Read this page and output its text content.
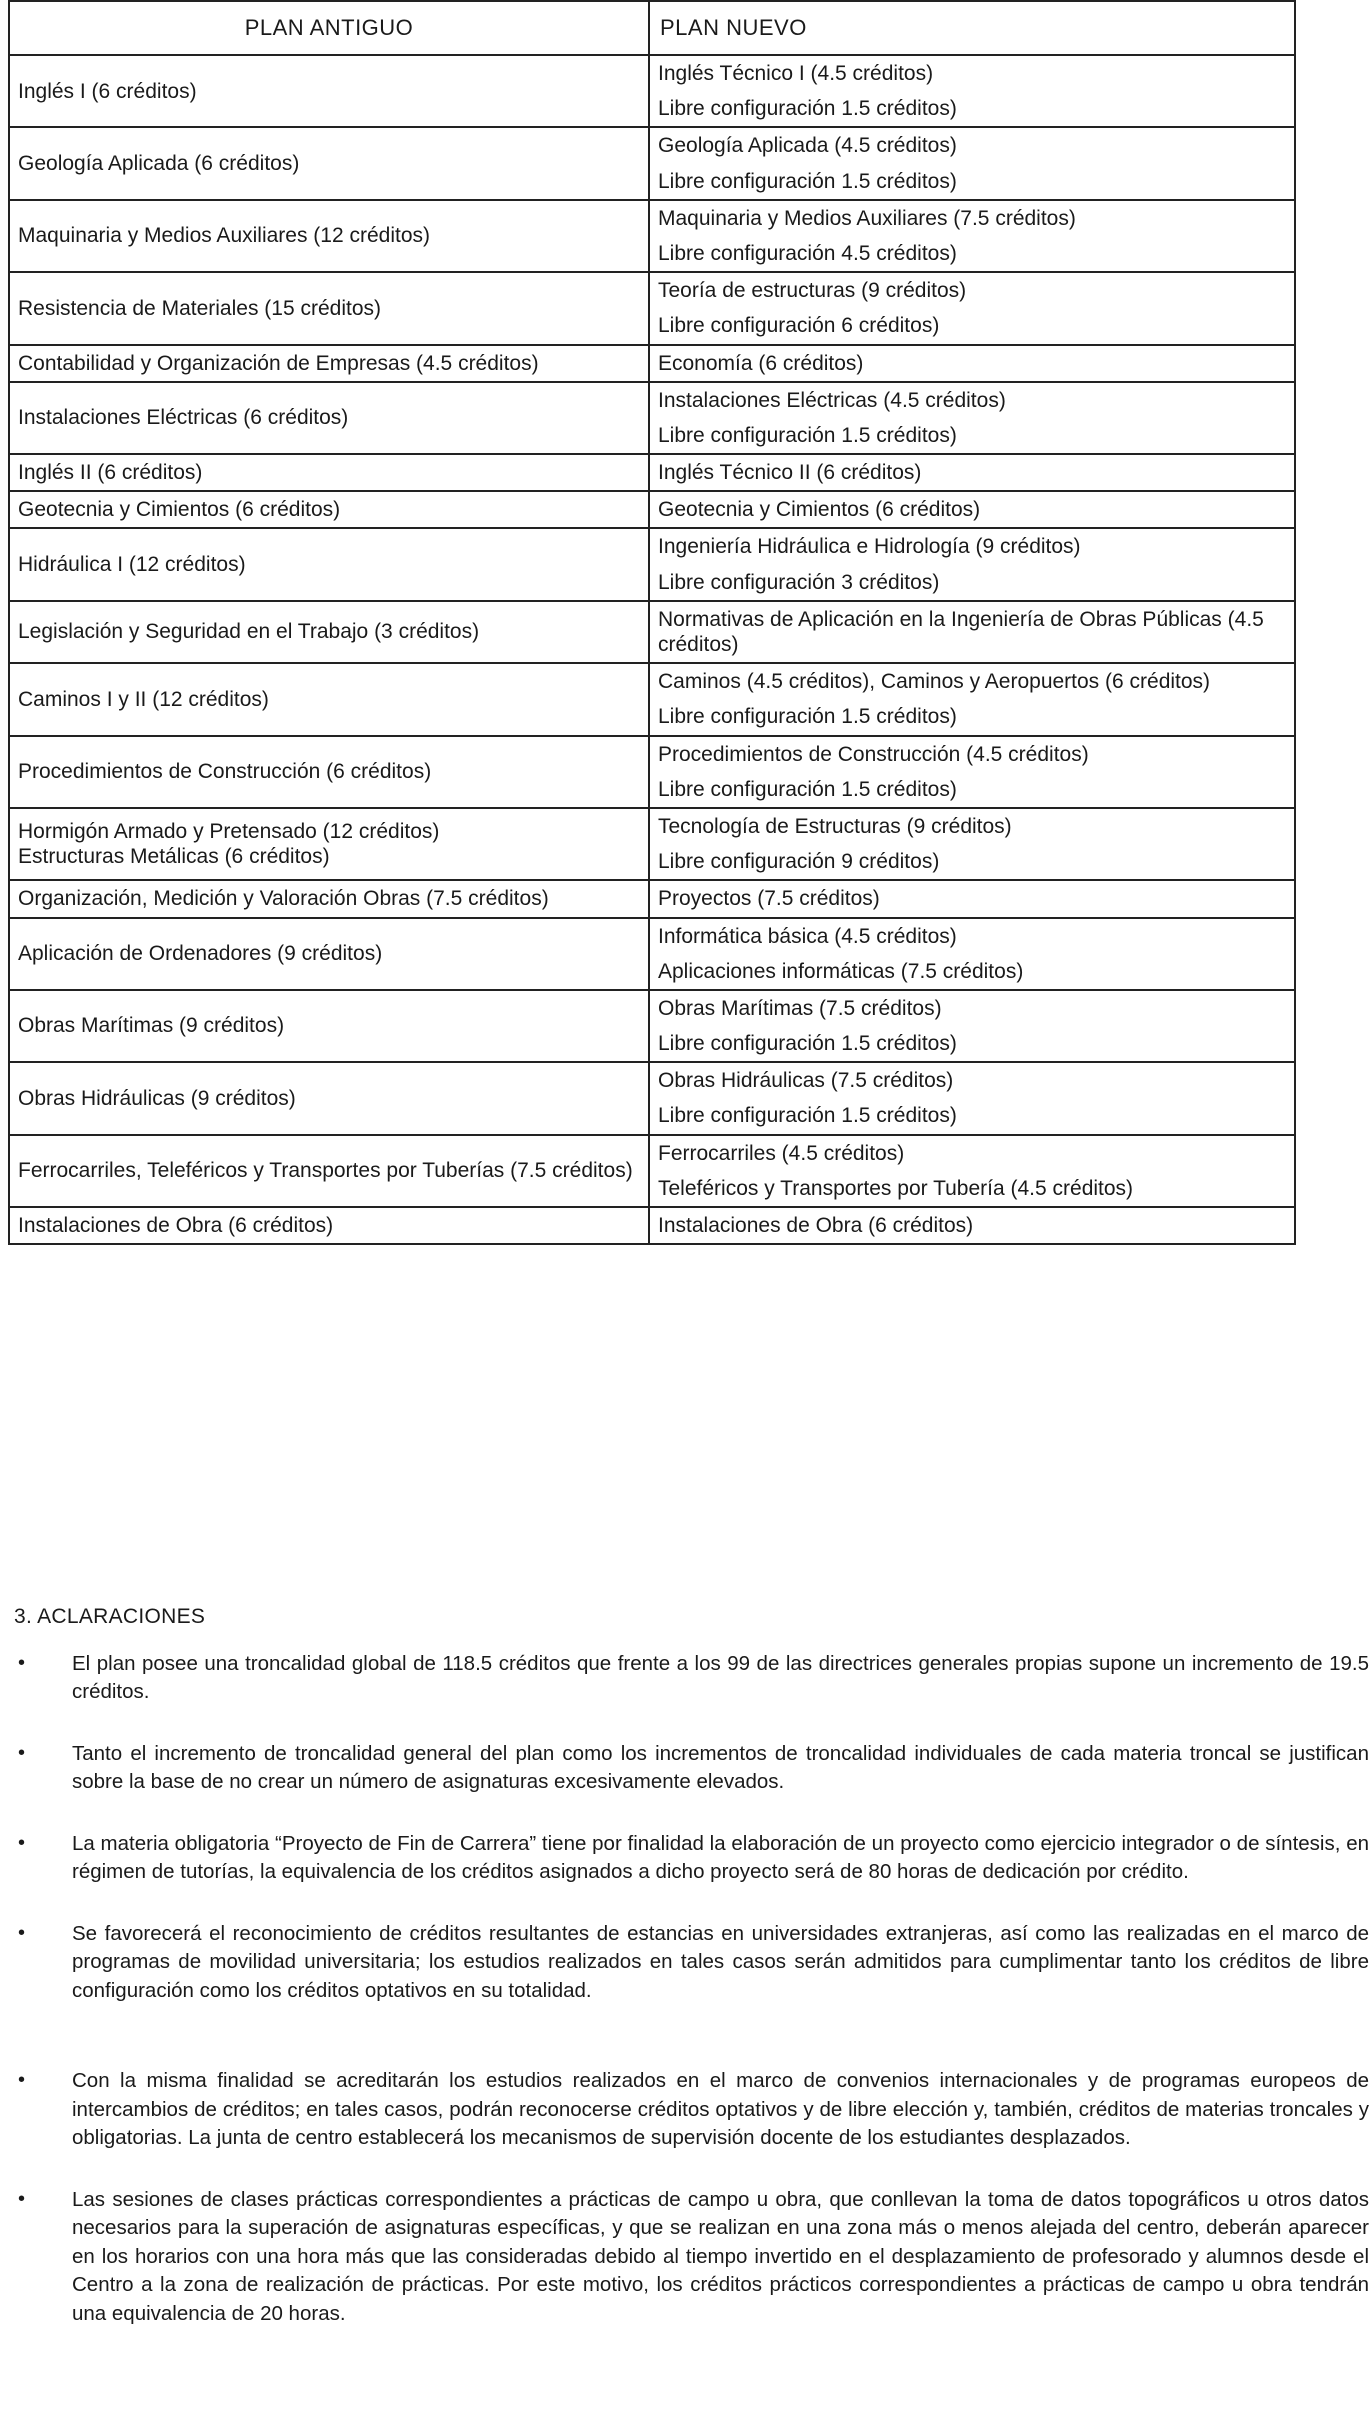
PLAN ANTIGUO	PLAN NUEVO

Inglés I (6 créditos)	Inglés Técnico I (4.5 créditos)
Libre configuración 1.5 créditos)

Geología Aplicada (6 créditos)	Geología Aplicada (4.5 créditos)
Libre configuración 1.5 créditos)

Maquinaria y Medios Auxiliares (12 créditos)	Maquinaria y Medios Auxiliares (7.5 créditos)
Libre configuración 4.5 créditos)

Resistencia de Materiales (15 créditos)	Teoría de estructuras (9 créditos)
Libre configuración 6 créditos)

Contabilidad y Organización de Empresas (4.5 créditos)	Economía (6 créditos)

Instalaciones Eléctricas (6 créditos)	Instalaciones Eléctricas (4.5 créditos)
Libre configuración 1.5 créditos)

Inglés II (6 créditos)	Inglés Técnico II (6 créditos)

Geotecnia y Cimientos (6 créditos)	Geotecnia y Cimientos (6 créditos)

Hidráulica I (12 créditos)	Ingeniería Hidráulica e Hidrología (9 créditos)
Libre configuración 3 créditos)

Legislación y Seguridad en el Trabajo (3 créditos)	Normativas de Aplicación en la Ingeniería de Obras Públicas (4.5 créditos)

Caminos I y II (12 créditos)	Caminos (4.5 créditos), Caminos y Aeropuertos (6 créditos)
Libre configuración 1.5 créditos)

Procedimientos de Construcción (6 créditos)	Procedimientos de Construcción (4.5 créditos)
Libre configuración 1.5 créditos)

Hormigón Armado y Pretensado (12 créditos)
Estructuras Metálicas (6 créditos)	Tecnología de Estructuras (9 créditos)
Libre configuración 9 créditos)

Organización, Medición y Valoración Obras (7.5 créditos)	Proyectos (7.5 créditos)

Aplicación de Ordenadores (9 créditos)	Informática básica (4.5 créditos)
Aplicaciones informáticas (7.5 créditos)

Obras Marítimas (9 créditos)	Obras Marítimas (7.5 créditos)
Libre configuración 1.5 créditos)

Obras Hidráulicas (9 créditos)	Obras Hidráulicas (7.5 créditos)
Libre configuración 1.5 créditos)

Ferrocarriles, Teleféricos y Transportes por Tuberías (7.5 créditos)	Ferrocarriles (4.5 créditos)
Teleféricos y Transportes por Tubería (4.5 créditos)

Instalaciones de Obra (6 créditos)	Instalaciones de Obra (6 créditos)
3. ACLARACIONES
• El plan posee una troncalidad global de 118.5 créditos que frente a los 99 de las directrices generales propias supone un incremento de 19.5 créditos.
• Tanto el incremento de troncalidad general del plan como los incrementos de troncalidad individuales de cada materia troncal se justifican sobre la base de no crear un número de asignaturas excesivamente elevados.
• La materia obligatoria “Proyecto de Fin de Carrera” tiene por finalidad la elaboración de un proyecto como ejercicio integrador o de síntesis, en régimen de tutorías, la equivalencia de los créditos asignados a dicho proyecto será de 80 horas de dedicación por crédito.
• Se favorecerá el reconocimiento de créditos resultantes de estancias en universidades extranjeras, así como las realizadas en el marco de programas de movilidad universitaria; los estudios realizados en tales casos serán admitidos para cumplimentar tanto los créditos de libre configuración como los créditos optativos en su totalidad.
• Con la misma finalidad se acreditarán los estudios realizados en el marco de convenios internacionales y de programas europeos de intercambios de créditos; en tales casos, podrán reconocerse créditos optativos y de libre elección y, también, créditos de materias troncales y obligatorias. La junta de centro establecerá los mecanismos de supervisión docente de los estudiantes desplazados.
• Las sesiones de clases prácticas correspondientes a prácticas de campo u obra, que conllevan la toma de datos topográficos u otros datos necesarios para la superación de asignaturas específicas, y que se realizan en una zona más o menos alejada del centro, deberán aparecer en los horarios con una hora más que las consideradas debido al tiempo invertido en el desplazamiento de profesorado y alumnos desde el Centro a la zona de realización de prácticas. Por este motivo, los créditos prácticos correspondientes a prácticas de campo u obra tendrán una equivalencia de 20 horas.
